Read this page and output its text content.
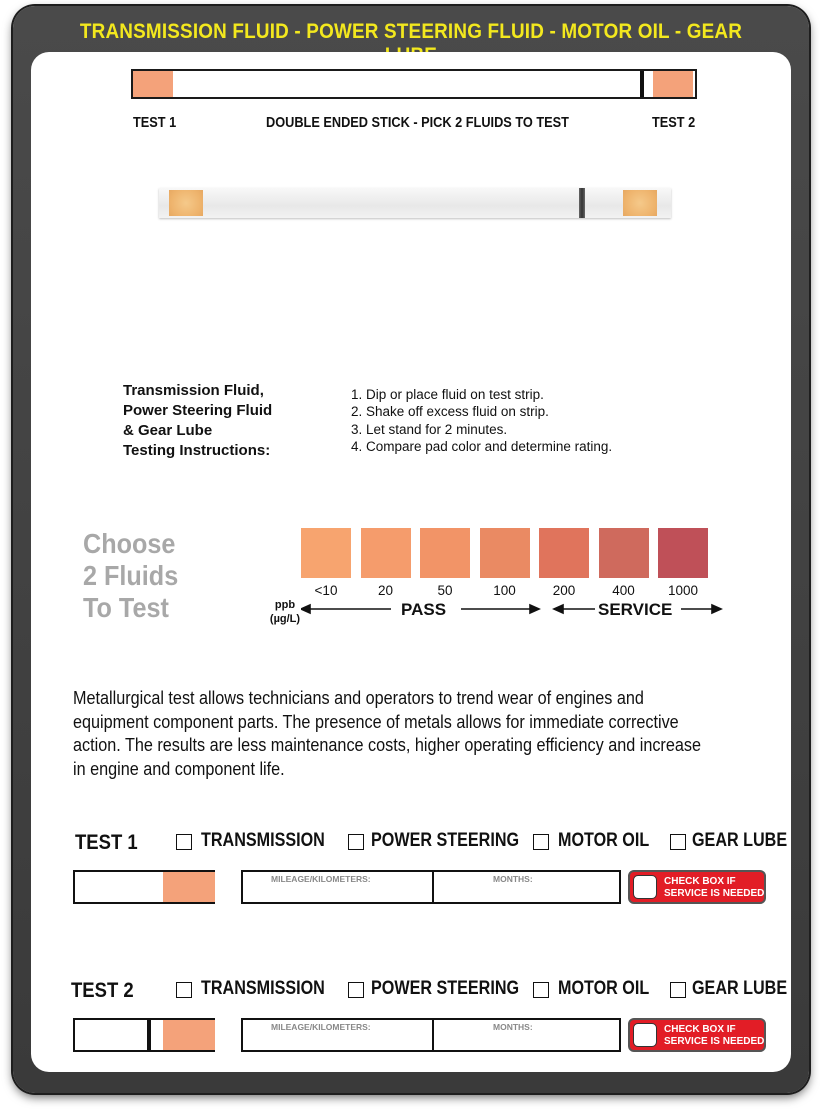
TRANSMISSION FLUID - POWER STEERING FLUID - MOTOR OIL - GEAR
TEST 1	DOUBLE ENDED STICK - PICK 2 FLUIDS TO TEST	TEST 2
Transmission Fluid,
Power Steering Fluid
& Gear Lube
Testing Instructions:
1. Dip or place fluid on test strip.
2. Shake off excess fluid on strip.
3. Let stand for 2 minutes.
4. Compare pad color and determine rating.
Choose
2 Fluids
To Test
<10	20	50	100	200	400	1000
ppb
(µg/L)	PASS	SERVICE
Metallurgical test allows technicians and operators to trend wear of engines and equipment component parts. The presence of metals allows for immediate corrective action. The results are less maintenance costs, higher operating efficiency and increase in engine and component life.
TEST 1	TRANSMISSION POWER STEERING MOTOR OIL GEAR LUBE
MILEAGE/KILOMETERS:	MONTHS:	CHECK BOX IF
SERVICE IS NEEDED
TEST 2	TRANSMISSION POWER STEERING MOTOR OIL GEAR LUBE
MILEAGE/KILOMETERS:	MONTHS:	CHECK BOX IF
SERVICE IS NEEDED
